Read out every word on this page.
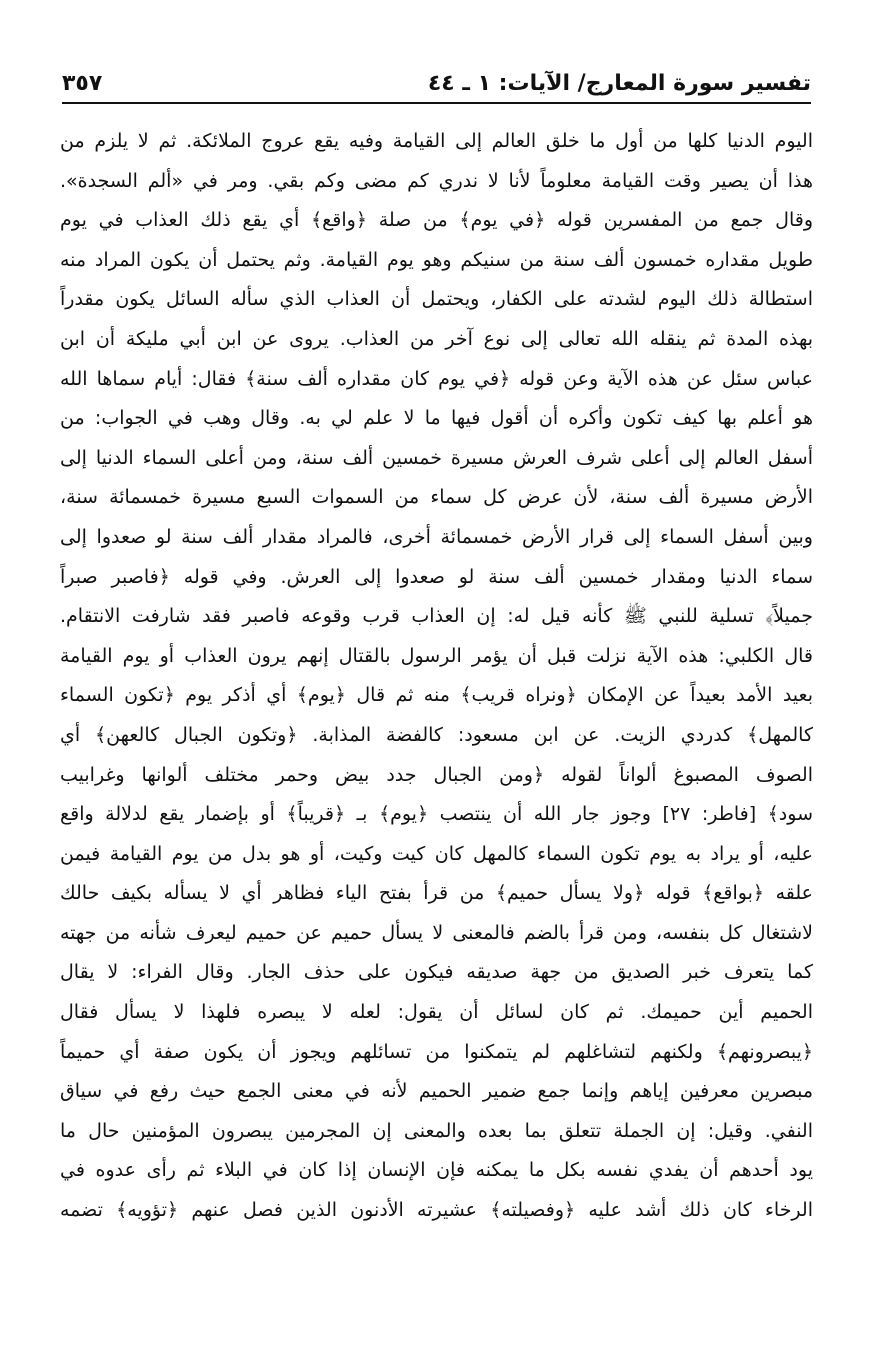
تفسير سورة المعارج/ الآيات: ١ ـ ٤٤
٣٥٧
اليوم الدنيا كلها من أول ما خلق العالم إلى القيامة وفيه يقع عروج الملائكة. ثم لا يلزم من
هذا أن يصير وقت القيامة معلوماً لأنا لا ندري كم مضى وكم بقي. ومر في «ألم السجدة».
وقال جمع من المفسرين قوله ﴿في يوم﴾ من صلة ﴿واقع﴾ أي يقع ذلك العذاب في يوم
طويل مقداره خمسون ألف سنة من سنيكم وهو يوم القيامة. وثم يحتمل أن يكون المراد منه
استطالة ذلك اليوم لشدته على الكفار، ويحتمل أن العذاب الذي سأله السائل يكون مقدراً
بهذه المدة ثم ينقله الله تعالى إلى نوع آخر من العذاب. يروى عن ابن أبي مليكة أن ابن
عباس سئل عن هذه الآية وعن قوله ﴿في يوم كان مقداره ألف سنة﴾ فقال: أيام سماها الله
هو أعلم بها كيف تكون وأكره أن أقول فيها ما لا علم لي به. وقال وهب في الجواب: من
أسفل العالم إلى أعلى شرف العرش مسيرة خمسين ألف سنة، ومن أعلى السماء الدنيا إلى
الأرض مسيرة ألف سنة، لأن عرض كل سماء من السموات السبع مسيرة خمسمائة سنة،
وبين أسفل السماء إلى قرار الأرض خمسمائة أخرى، فالمراد مقدار ألف سنة لو صعدوا إلى
سماء الدنيا ومقدار خمسين ألف سنة لو صعدوا إلى العرش. وفي قوله ﴿فاصبر صبراً
جميلاً﴾ تسلية للنبي ﷺ كأنه قيل له: إن العذاب قرب وقوعه فاصبر فقد شارفت الانتقام.
قال الكلبي: هذه الآية نزلت قبل أن يؤمر الرسول بالقتال إنهم يرون العذاب أو يوم القيامة
بعيد الأمد بعيداً عن الإمكان ﴿ونراه قريب﴾ منه ثم قال ﴿يوم﴾ أي أذكر يوم ﴿تكون السماء
كالمهل﴾ كدردي الزيت. عن ابن مسعود: كالفضة المذابة. ﴿وتكون الجبال كالعهن﴾ أي
الصوف المصبوغ ألواناً لقوله ﴿ومن الجبال جدد بيض وحمر مختلف ألوانها وغرابيب
سود﴾ [فاطر: ٢٧] وجوز جار الله أن ينتصب ﴿يوم﴾ بـ ﴿قريباً﴾ أو بإضمار يقع لدلالة واقع
عليه، أو يراد به يوم تكون السماء كالمهل كان كيت وكيت، أو هو بدل من يوم القيامة فيمن
علقه ﴿بواقع﴾ قوله ﴿ولا يسأل حميم﴾ من قرأ بفتح الياء فظاهر أي لا يسأله بكيف حالك
لاشتغال كل بنفسه، ومن قرأ بالضم فالمعنى لا يسأل حميم عن حميم ليعرف شأنه من جهته
كما يتعرف خبر الصديق من جهة صديقه فيكون على حذف الجار. وقال الفراء: لا يقال
الحميم أين حميمك. ثم كان لسائل أن يقول: لعله لا يبصره فلهذا لا يسأل فقال
﴿يبصرونهم﴾ ولكنهم لتشاغلهم لم يتمكنوا من تسائلهم ويجوز أن يكون صفة أي حميماً
مبصرين معرفين إياهم وإنما جمع ضمير الحميم لأنه في معنى الجمع حيث رفع في سياق
النفي. وقيل: إن الجملة تتعلق بما بعده والمعنى إن المجرمين يبصرون المؤمنين حال ما
يود أحدهم أن يفدي نفسه بكل ما يمكنه فإن الإنسان إذا كان في البلاء ثم رأى عدوه في
الرخاء كان ذلك أشد عليه ﴿وفصيلته﴾ عشيرته الأدنون الذين فصل عنهم ﴿تؤويه﴾ تضمه
